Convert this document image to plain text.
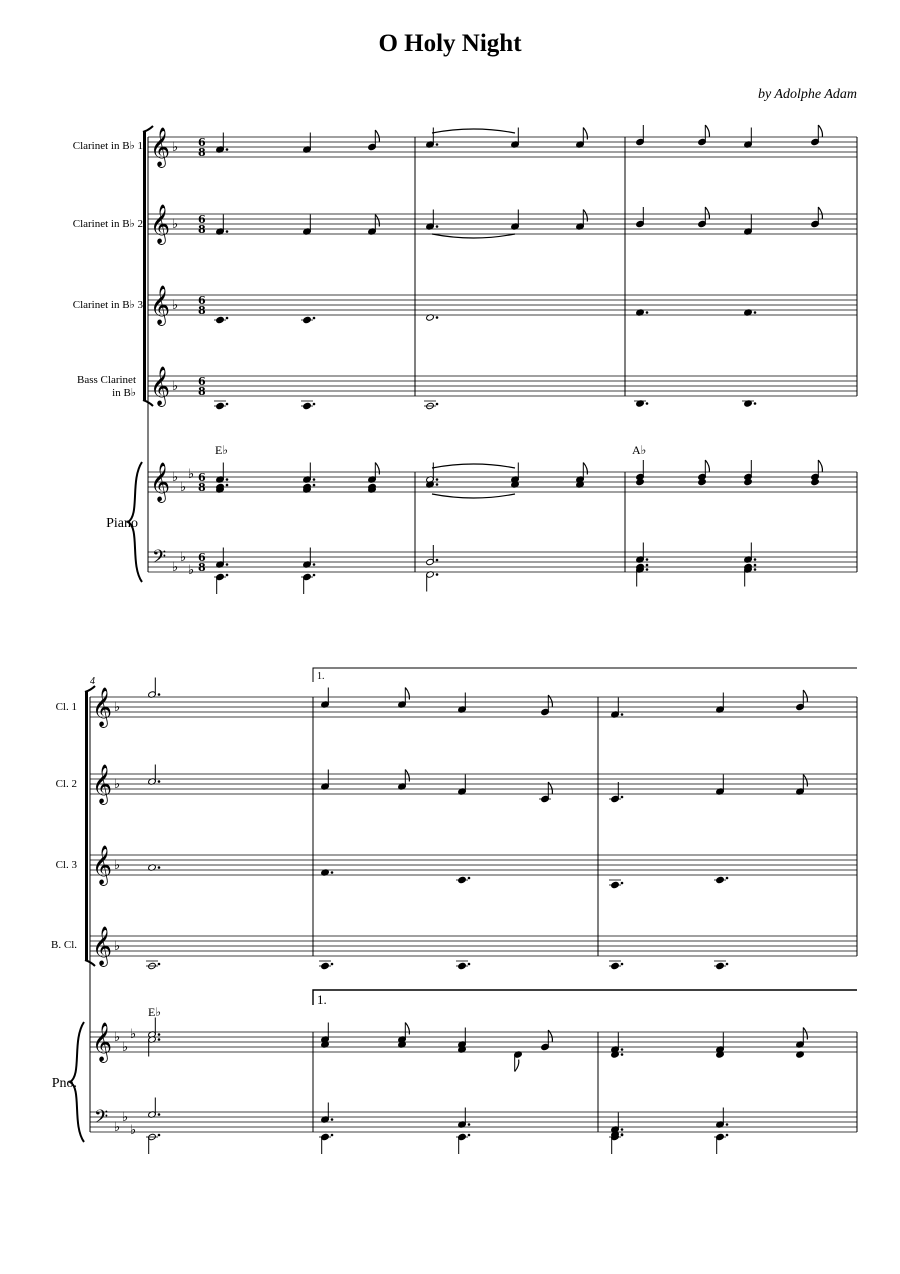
O Holy Night
by Adolphe Adam
Clarinet in B♭ 1
Clarinet in B♭ 2
Clarinet in B♭ 3
Bass Clarinet
in B♭
Piano
E♭	A♭
4
Cl. 1
Cl. 2
Cl. 3
B. Cl.
Pno.
1.
1.
E♭
𝄞 ♭ 6
8
𝄞 ♭ 6
8
𝄞 ♭ 6
8
𝄞 ♭ 6
8
𝄞 ♭
♭
♭ 6
8
𝄢 ♭
♭
♭
6
8
𝄞 ♭
𝄞 ♭
𝄞 ♭
𝄞 ♭
𝄞 ♭
♭
♭
𝄢 ♭
♭
♭
